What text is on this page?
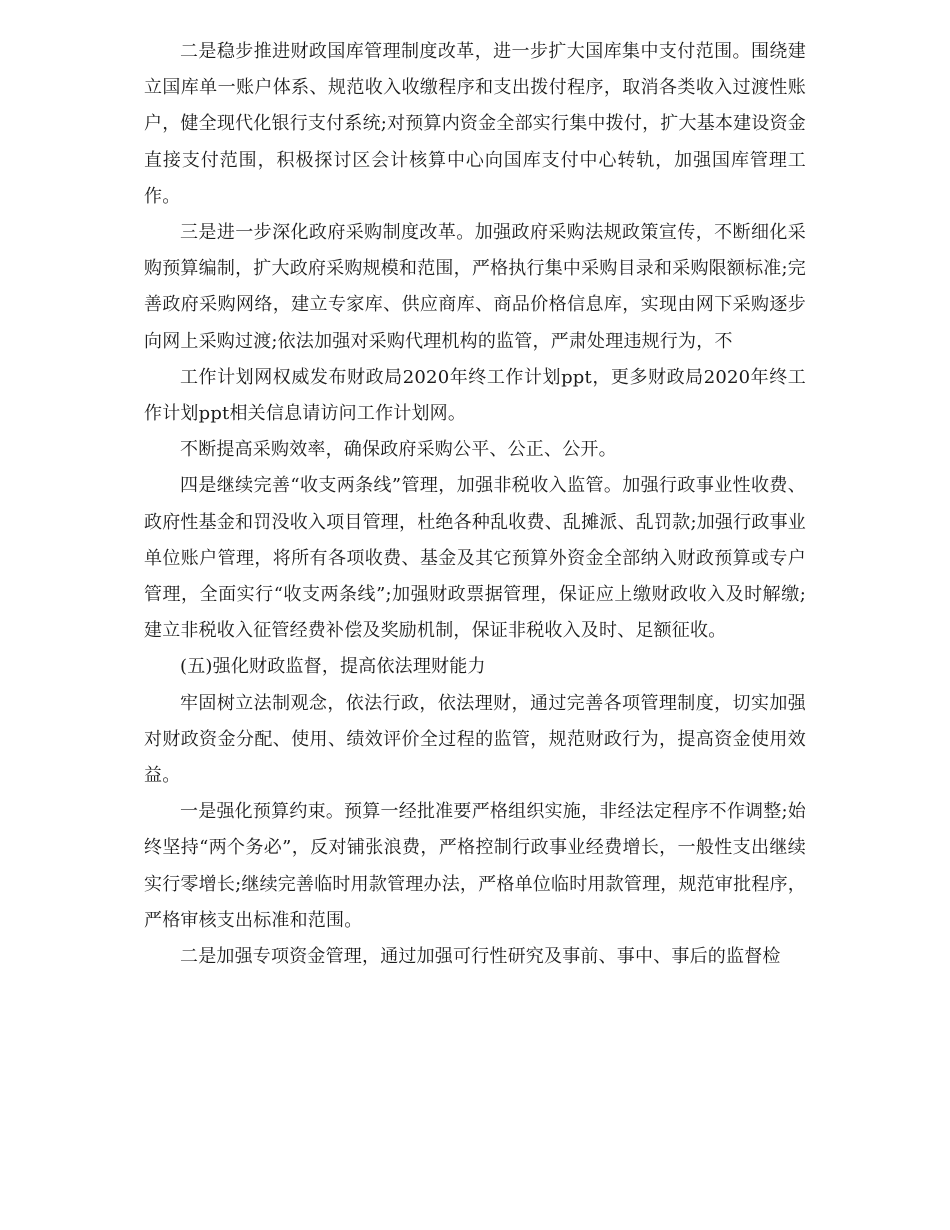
二是稳步推进财政国库管理制度改革，进一步扩大国库集中支付范围。围绕建立国库单一账户体系、规范收入收缴程序和支出拨付程序，取消各类收入过渡性账户，健全现代化银行支付系统;对预算内资金全部实行集中拨付，扩大基本建设资金直接支付范围，积极探讨区会计核算中心向国库支付中心转轨，加强国库管理工作。

三是进一步深化政府采购制度改革。加强政府采购法规政策宣传，不断细化采购预算编制，扩大政府采购规模和范围，严格执行集中采购目录和采购限额标准;完善政府采购网络，建立专家库、供应商库、商品价格信息库，实现由网下采购逐步向网上采购过渡;依法加强对采购代理机构的监管，严肃处理违规行为，不

工作计划网权威发布财政局2020年终工作计划ppt，更多财政局2020年终工作计划ppt相关信息请访问工作计划网。

不断提高采购效率，确保政府采购公平、公正、公开。

四是继续完善“收支两条线”管理，加强非税收入监管。加强行政事业性收费、政府性基金和罚没收入项目管理，杜绝各种乱收费、乱摊派、乱罚款;加强行政事业单位账户管理，将所有各项收费、基金及其它预算外资金全部纳入财政预算或专户管理，全面实行“收支两条线”;加强财政票据管理，保证应上缴财政收入及时解缴;建立非税收入征管经费补偿及奖励机制，保证非税收入及时、足额征收。

(五)强化财政监督，提高依法理财能力

牢固树立法制观念，依法行政，依法理财，通过完善各项管理制度，切实加强对财政资金分配、使用、绩效评价全过程的监管，规范财政行为，提高资金使用效益。

一是强化预算约束。预算一经批准要严格组织实施，非经法定程序不作调整;始终坚持“两个务必”，反对铺张浪费，严格控制行政事业经费增长，一般性支出继续实行零增长;继续完善临时用款管理办法，严格单位临时用款管理，规范审批程序，严格审核支出标准和范围。

二是加强专项资金管理，通过加强可行性研究及事前、事中、事后的监督检
